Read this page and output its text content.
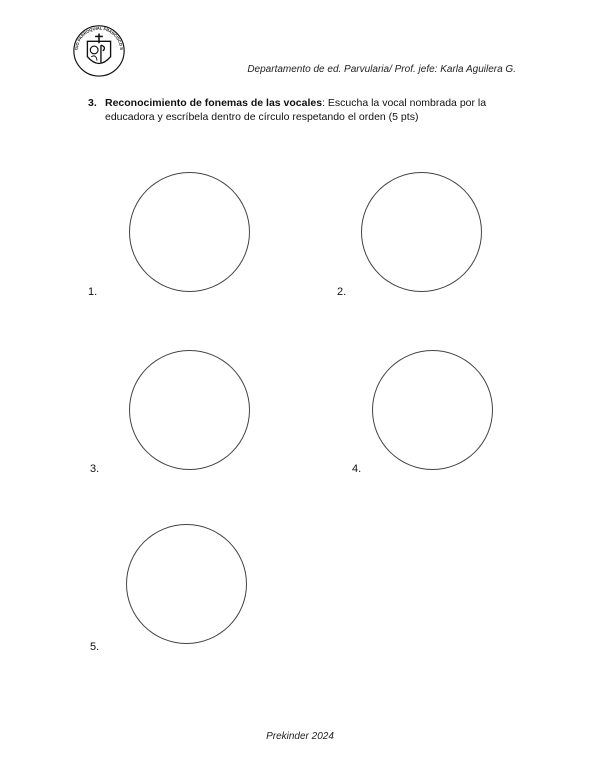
GIO PARROQUIAL FRANCISCO S
Departamento de ed. Parvularia/ Prof. jefe: Karla Aguilera G.
3. Reconocimiento de fonemas de las vocales: Escucha la vocal nombrada por la educadora y escríbela dentro de círculo respetando el orden (5 pts)
1.	2.
3.	4.
5.
Prekinder 2024
